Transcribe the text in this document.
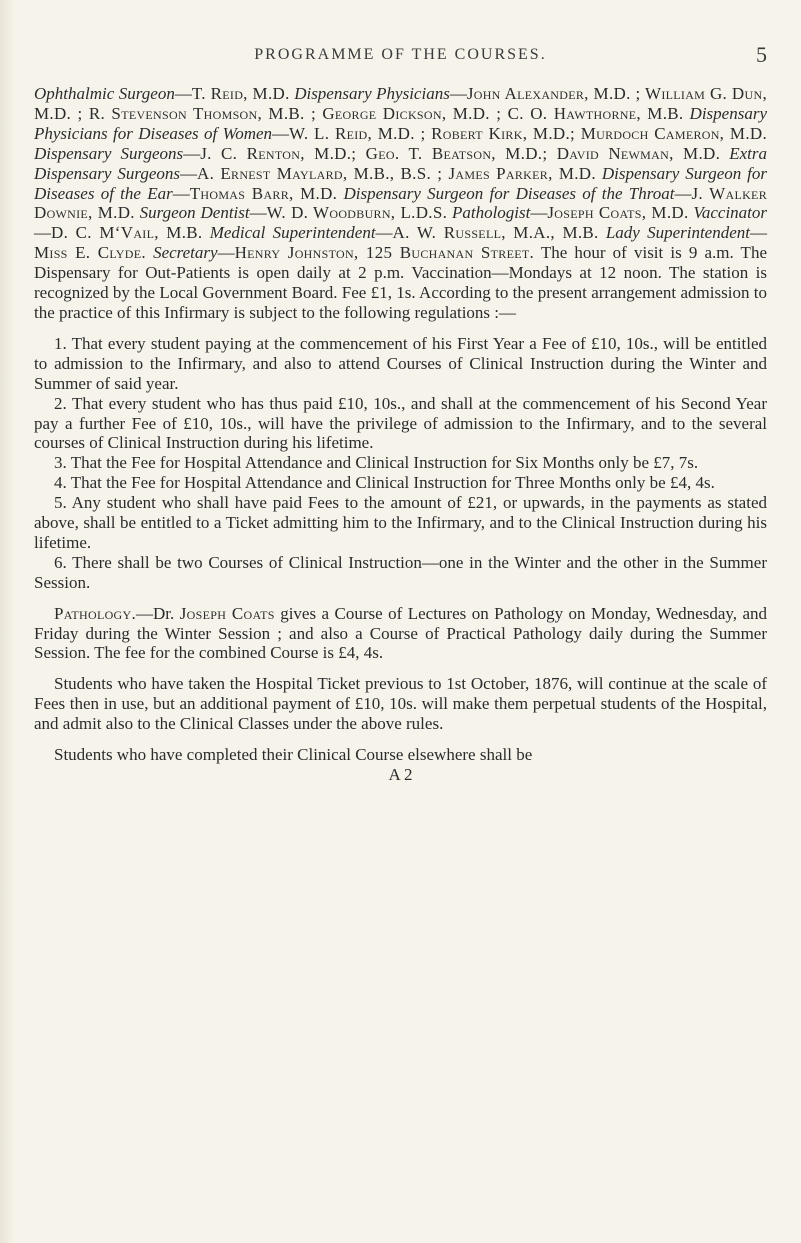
PROGRAMME OF THE COURSES.	5

Ophthalmic Surgeon—T. Reid, M.D. Dispensary Physicians—John Alexander, M.D. ; William G. Dun, M.D. ; R. Stevenson Thomson, M.B. ; George Dickson, M.D. ; C. O. Hawthorne, M.B. Dispensary Physicians for Diseases of Women—W. L. Reid, M.D. ; Robert Kirk, M.D.; Murdoch Cameron, M.D. Dispensary Surgeons—J. C. Renton, M.D.; Geo. T. Beatson, M.D.; David Newman, M.D. Extra Dispensary Surgeons—A. Ernest Maylard, M.B., B.S. ; James Parker, M.D. Dispensary Surgeon for Diseases of the Ear—Thomas Barr, M.D. Dispensary Surgeon for Diseases of the Throat—J. Walker Downie, M.D. Surgeon Dentist—W. D. Woodburn, L.D.S. Pathologist—Joseph Coats, M.D. Vaccinator—D. C. M‘Vail, M.B. Medical Superintendent—A. W. Russell, M.A., M.B. Lady Superintendent—Miss E. Clyde. Secretary—Henry Johnston, 125 Buchanan Street. The hour of visit is 9 a.m. The Dispensary for Out-Patients is open daily at 2 p.m. Vaccination—Mondays at 12 noon. The station is recognized by the Local Government Board. Fee £1, 1s. According to the present arrangement admission to the practice of this Infirmary is subject to the following regulations :—

1. That every student paying at the commencement of his First Year a Fee of £10, 10s., will be entitled to admission to the Infirmary, and also to attend Courses of Clinical Instruction during the Winter and Summer of said year.

2. That every student who has thus paid £10, 10s., and shall at the commencement of his Second Year pay a further Fee of £10, 10s., will have the privilege of admission to the Infirmary, and to the several courses of Clinical Instruction during his lifetime.

3. That the Fee for Hospital Attendance and Clinical Instruction for Six Months only be £7, 7s.

4. That the Fee for Hospital Attendance and Clinical Instruction for Three Months only be £4, 4s.

5. Any student who shall have paid Fees to the amount of £21, or upwards, in the payments as stated above, shall be entitled to a Ticket admitting him to the Infirmary, and to the Clinical Instruction during his lifetime.

6. There shall be two Courses of Clinical Instruction—one in the Winter and the other in the Summer Session.

Pathology.—Dr. Joseph Coats gives a Course of Lectures on Pathology on Monday, Wednesday, and Friday during the Winter Session ; and also a Course of Practical Pathology daily during the Summer Session. The fee for the combined Course is £4, 4s.

Students who have taken the Hospital Ticket previous to 1st October, 1876, will continue at the scale of Fees then in use, but an additional payment of £10, 10s. will make them perpetual students of the Hospital, and admit also to the Clinical Classes under the above rules.

Students who have completed their Clinical Course elsewhere shall be

A 2
